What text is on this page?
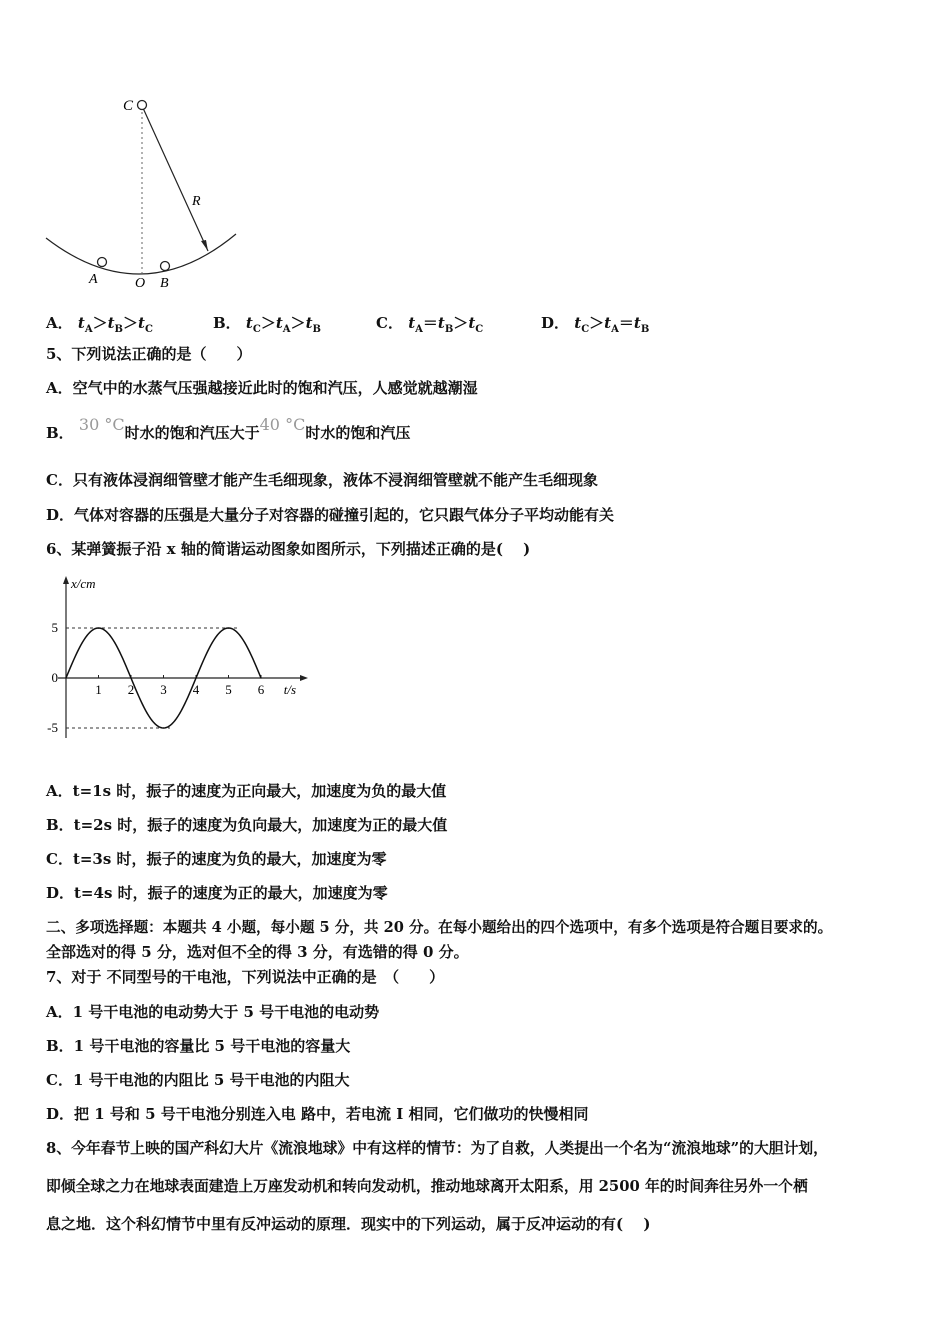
C
R
A	O B
A． $t_A>t_B>t_C$	B． $t_C>t_A>t_B$	C． $t_A=t_B>t_C$	D． $t_C>t_A=t_B$
5、下列说法正确的是（　　）
A．空气中的水蒸气压强越接近此时的饱和汽压，人感觉就越潮湿
B． 30 °C时水的饱和汽压大于40 °C时水的饱和汽压
C．只有液体浸润细管壁才能产生毛细现象，液体不浸润细管壁就不能产生毛细现象
D．气体对容器的压强是大量分子对容器的碰撞引起的，它只跟气体分子平均动能有关
6、某弹簧振子沿 x 轴的简谐运动图象如图所示，下列描述正确的是(　 )
x/cm
t/s
5
0
-5
1 2 3 4 5 6
A．t=1s 时，振子的速度为正向最大，加速度为负的最大值
B．t=2s 时，振子的速度为负向最大，加速度为正的最大值
C．t=3s 时，振子的速度为负的最大，加速度为零
D．t=4s 时，振子的速度为正的最大，加速度为零
二、多项选择题：本题共 4 小题，每小题 5 分，共 20 分。在每小题给出的四个选项中，有多个选项是符合题目要求的。
全部选对的得 5 分，选对但不全的得 3 分，有选错的得 0 分。
7、对于 不同型号的干电池，下列说法中正确的是　（　　）
A．1 号干电池的电动势大于 5 号干电池的电动势
B．1 号干电池的容量比 5 号干电池的容量大
C．1 号干电池的内阻比 5 号干电池的内阻大
D．把 1 号和 5 号干电池分别连入电 路中，若电流 I 相同，它们做功的快慢相同
8、今年春节上映的国产科幻大片《流浪地球》中有这样的情节：为了自救，人类提出一个名为“流浪地球”的大胆计划，
即倾全球之力在地球表面建造上万座发动机和转向发动机，推动地球离开太阳系，用 2500 年的时间奔往另外一个栖
息之地．这个科幻情节中里有反冲运动的原理．现实中的下列运动，属于反冲运动的有(　 )
